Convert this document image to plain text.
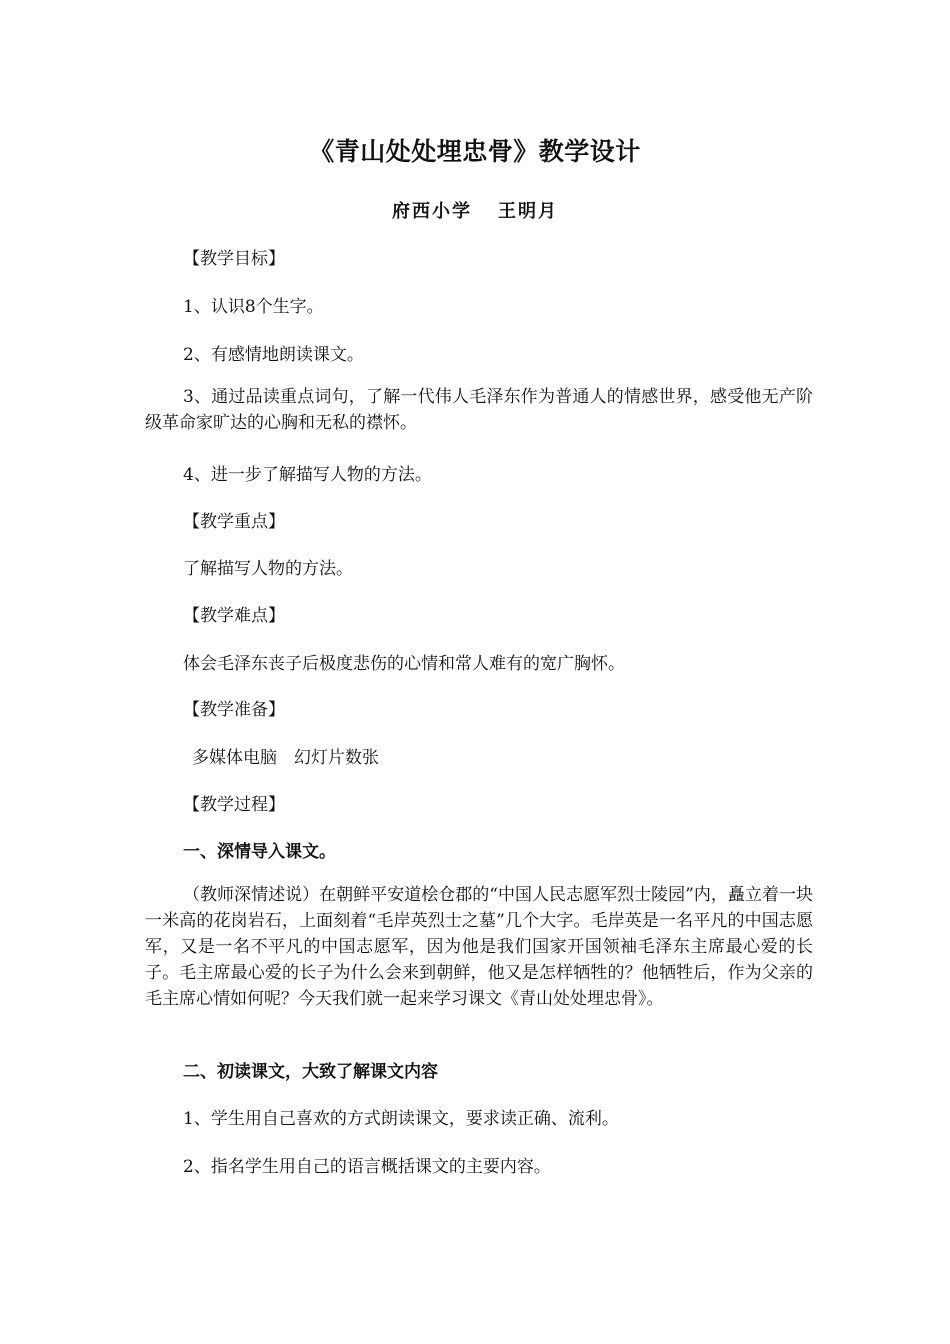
《青山处处埋忠骨》教学设计
府西小学 王明月

【教学目标】

1、认识8个生字。

2、有感情地朗读课文。

3、通过品读重点词句，了解一代伟人毛泽东作为普通人的情感世界，感受他无产阶级革命家旷达的心胸和无私的襟怀。

4、进一步了解描写人物的方法。

【教学重点】

了解描写人物的方法。

【教学难点】

体会毛泽东丧子后极度悲伤的心情和常人难有的宽广胸怀。

【教学准备】

多媒体电脑　幻灯片数张

【教学过程】

一、深情导入课文。

（教师深情述说）在朝鲜平安道桧仓郡的“中国人民志愿军烈士陵园”内，矗立着一块一米高的花岗岩石，上面刻着“毛岸英烈士之墓”几个大字。毛岸英是一名平凡的中国志愿军，又是一名不平凡的中国志愿军，因为他是我们国家开国领袖毛泽东主席最心爱的长子。毛主席最心爱的长子为什么会来到朝鲜，他又是怎样牺牲的？他牺牲后，作为父亲的毛主席心情如何呢？今天我们就一起来学习课文《青山处处埋忠骨》。

二、初读课文，大致了解课文内容

1、学生用自己喜欢的方式朗读课文，要求读正确、流利。

2、指名学生用自己的语言概括课文的主要内容。
